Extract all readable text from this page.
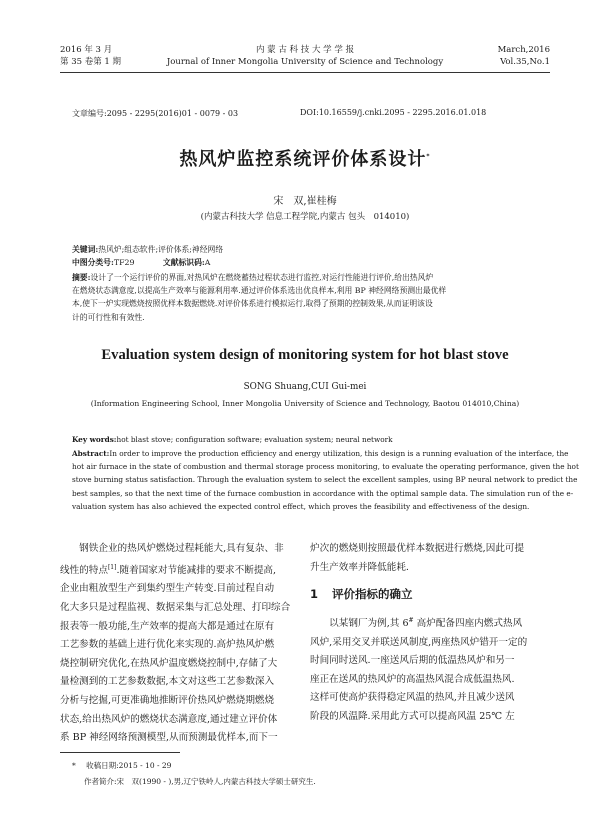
2016 年 3 月
第 35 卷第 1 期
内 蒙 古 科 技 大 学 学 报
Journal of Inner Mongolia University of Science and Technology
March,2016
Vol.35,No.1
文章编号:2095 - 2295(2016)01 - 0079 - 03	DOI:10.16559/j.cnki.2095 - 2295.2016.01.018
热风炉监控系统评价体系设计*
宋　双,崔桂梅
(内蒙古科技大学 信息工程学院,内蒙古 包头　014010)
摘要:设计了一个运行评价的界面,对热风炉在燃烧蓄热过程状态进行监控,对运行性能进行评价,给出热风炉
在燃烧状态满意度,以提高生产效率与能源利用率.通过评价体系选出优良样本,利用 BP 神经网络预测出最优样
本,使下一炉实现燃烧按照优样本数据燃烧.对评价体系进行模拟运行,取得了预期的控制效果,从而证明该设
计的可行性和有效性.
Evaluation system design of monitoring system for hot blast stove
SONG Shuang,CUI Gui-mei
(Information Engineering School, Inner Mongolia University of Science and Technology, Baotou 014010,China)
Key words:hot blast stove; configuration software; evaluation system; neural network
Abstract:In order to improve the production efficiency and energy utilization, this design is a running evaluation of the interface, the
hot air furnace in the state of combustion and thermal storage process monitoring, to evaluate the operating performance, given the hot
stove burning status satisfaction. Through the evaluation system to select the excellent samples, using BP neural network to predict the
best samples, so that the next time of the furnace combustion in accordance with the optimal sample data. The simulation run of the e-
valuation system has also achieved the expected control effect, which proves the feasibility and effectiveness of the design.
　　钢铁企业的热风炉燃烧过程耗能大,具有复杂、非
线性的特点[1].随着国家对节能减排的要求不断提高,
企业由粗放型生产到集约型生产转变.目前过程自动
化大多只是过程监视、数据采集与汇总处理、打印综合
报表等一般功能,生产效率的提高大都是通过在原有
工艺参数的基础上进行优化来实现的.高炉热风炉燃
烧控制研究优化,在热风炉温度燃烧控制中,存储了大
量检测到的工艺参数数据,本文对这些工艺参数深入
分析与挖掘,可更准确地推断评价热风炉燃烧期燃烧
状态,给出热风炉的燃烧状态满意度,通过建立评价体
系 BP 神经网络预测模型,从而预测最优样本,而下一
炉次的燃烧则按照最优样本数据进行燃烧,因此可提
升生产效率并降低能耗.
1 评价指标的确立
　　以某钢厂为例,其 6# 高炉配备四座内燃式热风
风炉,采用交叉并联送风制度,两座热风炉错开一定的
时间同时送风.一座送风后期的低温热风炉和另一
座正在送风的热风炉的高温热风混合成低温热风.
这样可使高炉获得稳定风温的热风,并且减少送风
阶段的风温降.采用此方式可以提高风温 25℃ 左
* 收稿日期:2015 - 10 - 29
作者简介:宋　双(1990 - ),男,辽宁铁岭人,内蒙古科技大学硕士研究生.
关键词:热风炉;组态软件;评价体系;神经网络
中图分类号:TF29	文献标识码:A
